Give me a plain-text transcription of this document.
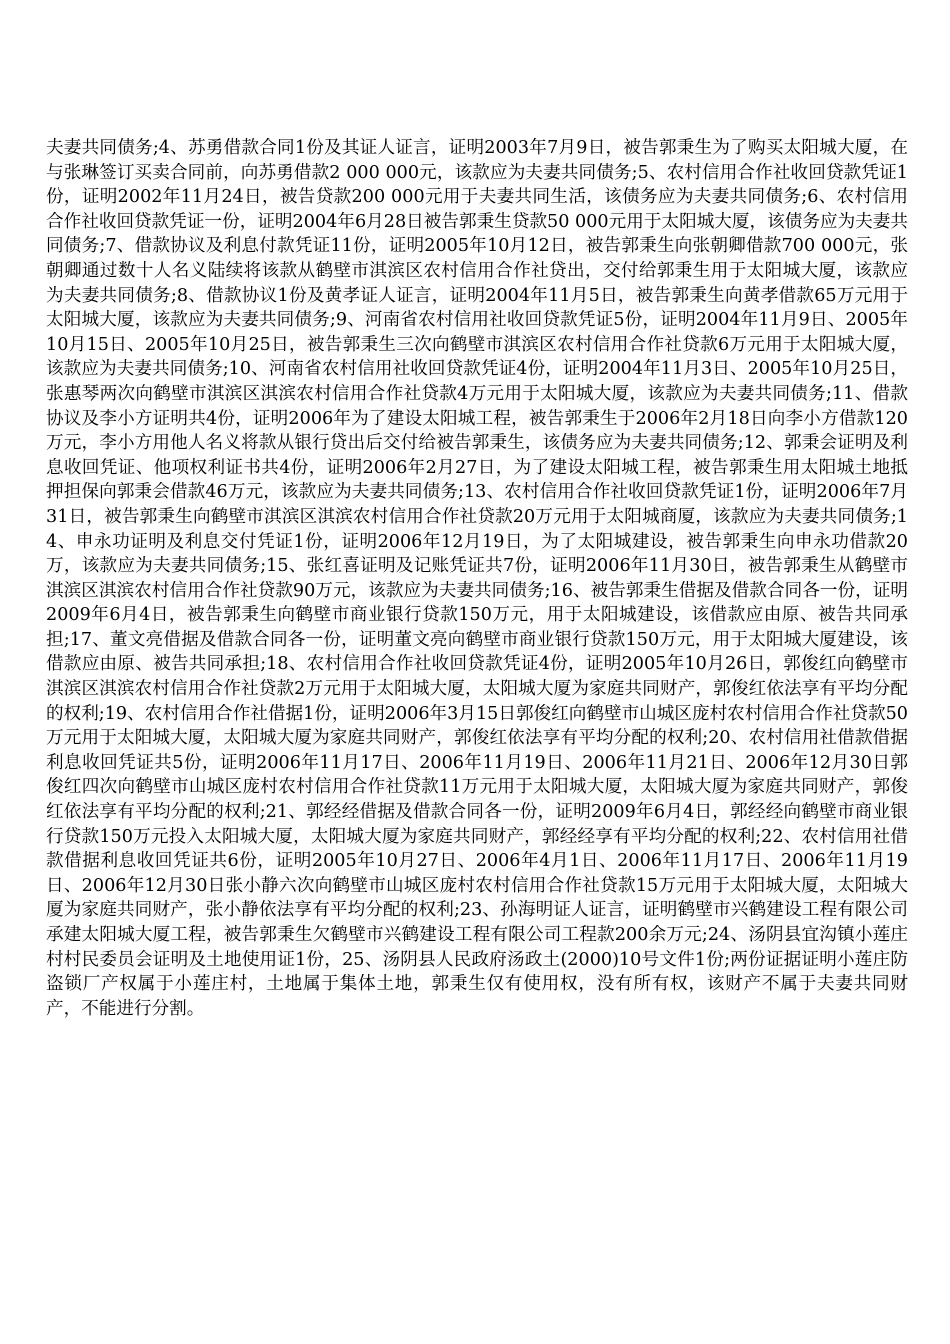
夫妻共同债务;4、苏勇借款合同1份及其证人证言，证明2003年7月9日，被告郭秉生为了购买太阳城大厦，在与张琳签订买卖合同前，向苏勇借款2 000 000元，该款应为夫妻共同债务;5、农村信用合作社收回贷款凭证1份，证明2002年11月24日，被告贷款200 000元用于夫妻共同生活，该债务应为夫妻共同债务;6、农村信用合作社收回贷款凭证一份，证明2004年6月28日被告郭秉生贷款50 000元用于太阳城大厦，该债务应为夫妻共同债务;7、借款协议及利息付款凭证11份，证明2005年10月12日，被告郭秉生向张朝卿借款700 000元，张朝卿通过数十人名义陆续将该款从鹤壁市淇滨区农村信用合作社贷出，交付给郭秉生用于太阳城大厦，该款应为夫妻共同债务;8、借款协议1份及黄孝证人证言，证明2004年11月5日，被告郭秉生向黄孝借款65万元用于太阳城大厦，该款应为夫妻共同债务;9、河南省农村信用社收回贷款凭证5份，证明2004年11月9日、2005年10月15日、2005年10月25日，被告郭秉生三次向鹤壁市淇滨区农村信用合作社贷款6万元用于太阳城大厦，该款应为夫妻共同债务;10、河南省农村信用社收回贷款凭证4份，证明2004年11月3日、2005年10月25日，张惠琴两次向鹤壁市淇滨区淇滨农村信用合作社贷款4万元用于太阳城大厦，该款应为夫妻共同债务;11、借款协议及李小方证明共4份，证明2006年为了建设太阳城工程，被告郭秉生于2006年2月18日向李小方借款120万元，李小方用他人名义将款从银行贷出后交付给被告郭秉生，该债务应为夫妻共同债务;12、郭秉会证明及利息收回凭证、他项权利证书共4份，证明2006年2月27日，为了建设太阳城工程，被告郭秉生用太阳城土地抵押担保向郭秉会借款46万元，该款应为夫妻共同债务;13、农村信用合作社收回贷款凭证1份，证明2006年7月31日，被告郭秉生向鹤壁市淇滨区淇滨农村信用合作社贷款20万元用于太阳城商厦，该款应为夫妻共同债务;14、申永功证明及利息交付凭证1份，证明2006年12月19日，为了太阳城建设，被告郭秉生向申永功借款20万，该款应为夫妻共同债务;15、张红喜证明及记账凭证共7份，证明2006年11月30日，被告郭秉生从鹤壁市淇滨区淇滨农村信用合作社贷款90万元，该款应为夫妻共同债务;16、被告郭秉生借据及借款合同各一份，证明2009年6月4日，被告郭秉生向鹤壁市商业银行贷款150万元，用于太阳城建设，该借款应由原、被告共同承担;17、董文亮借据及借款合同各一份，证明董文亮向鹤壁市商业银行贷款150万元，用于太阳城大厦建设，该借款应由原、被告共同承担;18、农村信用合作社收回贷款凭证4份，证明2005年10月26日，郭俊红向鹤壁市淇滨区淇滨农村信用合作社贷款2万元用于太阳城大厦，太阳城大厦为家庭共同财产，郭俊红依法享有平均分配的权利;19、农村信用合作社借据1份，证明2006年3月15日郭俊红向鹤壁市山城区庞村农村信用合作社贷款50万元用于太阳城大厦，太阳城大厦为家庭共同财产，郭俊红依法享有平均分配的权利;20、农村信用社借款借据利息收回凭证共5份，证明2006年11月17日、2006年11月19日、2006年11月21日、2006年12月30日郭俊红四次向鹤壁市山城区庞村农村信用合作社贷款11万元用于太阳城大厦，太阳城大厦为家庭共同财产，郭俊红依法享有平均分配的权利;21、郭经经借据及借款合同各一份，证明2009年6月4日，郭经经向鹤壁市商业银行贷款150万元投入太阳城大厦，太阳城大厦为家庭共同财产，郭经经享有平均分配的权利;22、农村信用社借款借据利息收回凭证共6份，证明2005年10月27日、2006年4月1日、2006年11月17日、2006年11月19日、2006年12月30日张小静六次向鹤壁市山城区庞村农村信用合作社贷款15万元用于太阳城大厦，太阳城大厦为家庭共同财产，张小静依法享有平均分配的权利;23、孙海明证人证言，证明鹤壁市兴鹤建设工程有限公司承建太阳城大厦工程，被告郭秉生欠鹤壁市兴鹤建设工程有限公司工程款200余万元;24、汤阴县宜沟镇小莲庄村村民委员会证明及土地使用证1份，25、汤阴县人民政府汤政土(2000)10号文件1份;两份证据证明小莲庄防盗锁厂产权属于小莲庄村，土地属于集体土地，郭秉生仅有使用权，没有所有权，该财产不属于夫妻共同财产，不能进行分割。
